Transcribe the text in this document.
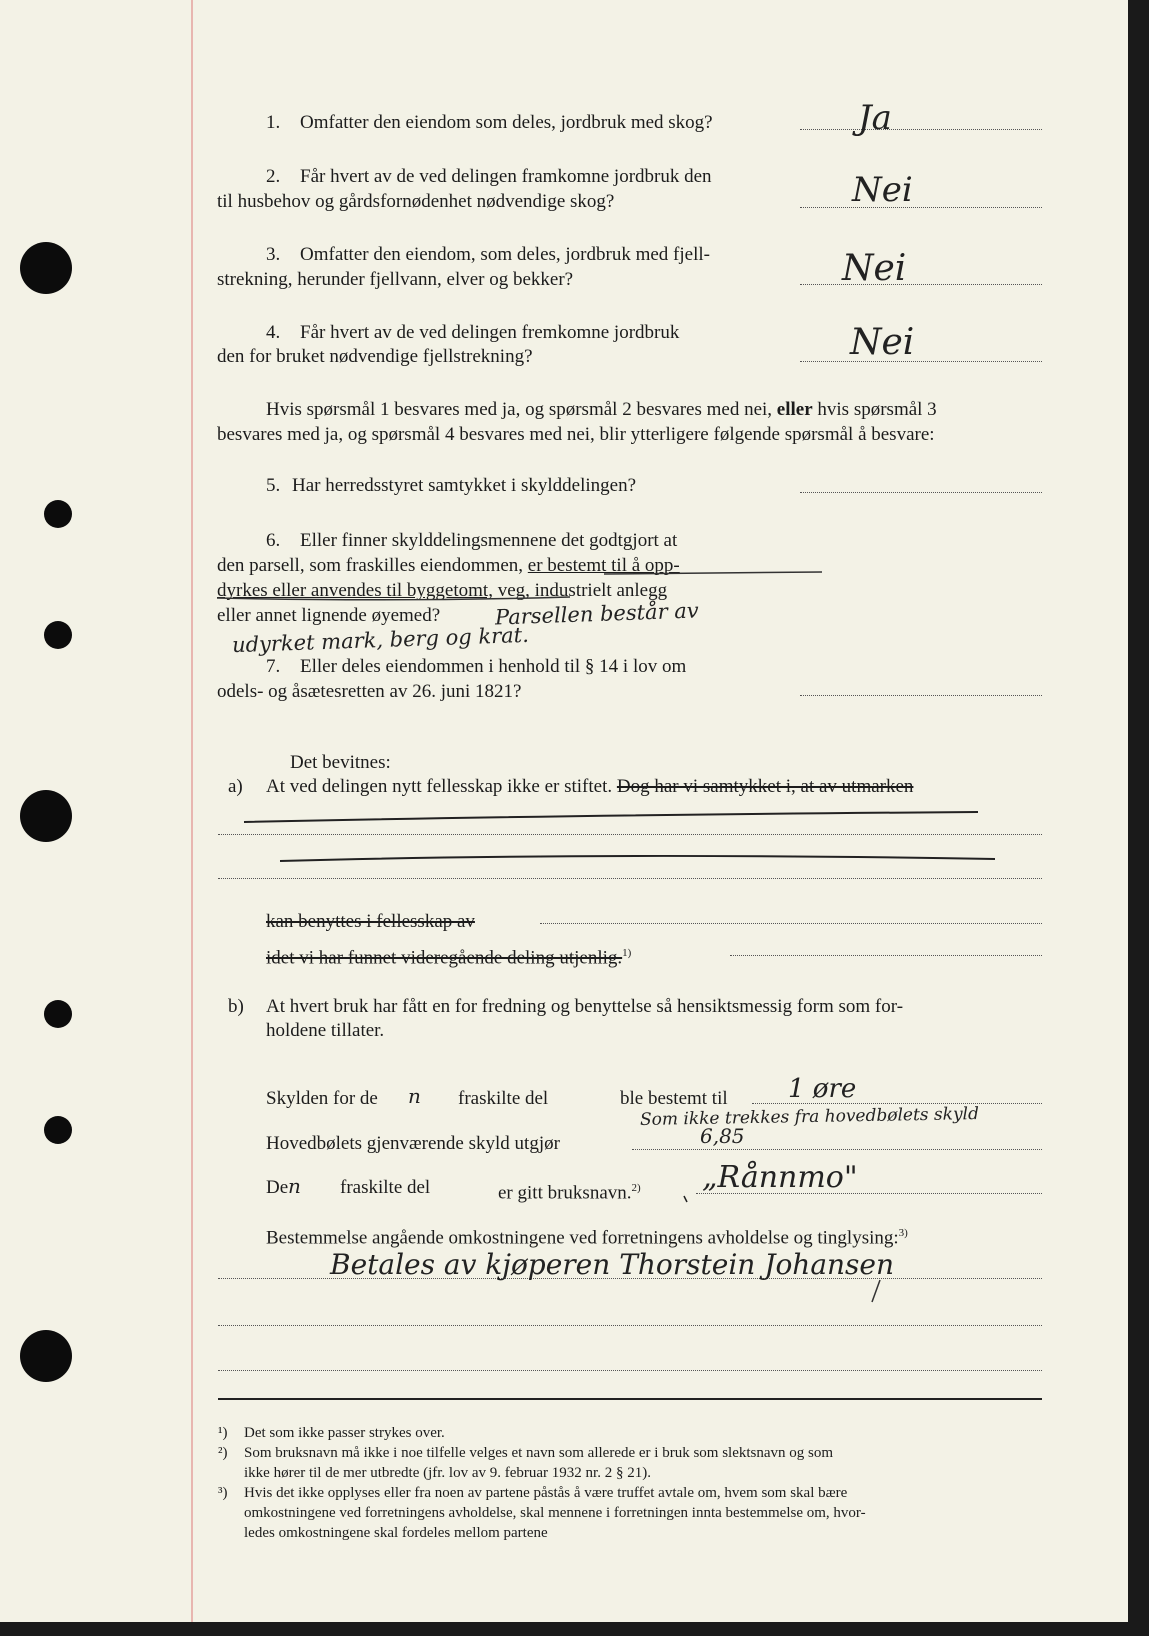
1. Omfatter den eiendom som deles, jordbruk med skog?	Ja
2. Får hvert av de ved delingen framkomne jordbruk den
til husbehov og gårdsfornødenhet nødvendige skog?	Nei
3. Omfatter den eiendom, som deles, jordbruk med fjell-
strekning, herunder fjellvann, elver og bekker?	Nei
4. Får hvert av de ved delingen fremkomne jordbruk
den for bruket nødvendige fjellstrekning?	Nei
Hvis spørsmål 1 besvares med ja, og spørsmål 2 besvares med nei, eller hvis spørsmål 3
besvares med ja, og spørsmål 4 besvares med nei, blir ytterligere følgende spørsmål å besvare:
5. Har herredsstyret samtykket i skylddelingen?
6. Eller finner skylddelingsmennene det godtgjort at
den parsell, som fraskilles eiendommen, er bestemt til å opp-
dyrkes eller anvendes til byggetomt, veg, industrielt anlegg
eller annet lignende øyemed?	Parsellen består av
udyrket mark, berg og krat.
7. Eller deles eiendommen i henhold til § 14 i lov om
odels- og åsætesretten av 26. juni 1821?
Det bevitnes:
a) At ved delingen nytt fellesskap ikke er stiftet. Dog har vi samtykket i, at av utmarken
kan benyttes i fellesskap av
idet vi har funnet videregående deling utjenlig.$^{1)}$
b) At hvert bruk har fått en for fredning og benyttelse så hensiktsmessig form som for-
holdene tillater.
Skylden for de n fraskilte del	ble bestemt til 1 øre
Som ikke trekkes fra hovedbølets skyld
Hovedbølets gjenværende skyld utgjør	6,85
De n fraskilte del	er gitt bruksnavn.$^{2)}$ „Rånnmo"
Bestemmelse angående omkostningene ved forretningens avholdelse og tinglysing:$^{3)}$
Betales av kjøperen Thorstein Johansen
¹) Det som ikke passer strykes over.
²) Som bruksnavn må ikke i noe tilfelle velges et navn som allerede er i bruk som slektsnavn og som
ikke hører til de mer utbredte (jfr. lov av 9. februar 1932 nr. 2 § 21).
³) Hvis det ikke opplyses eller fra noen av partene påstås å være truffet avtale om, hvem som skal bære
omkostningene ved forretningens avholdelse, skal mennene i forretningen innta bestemmelse om, hvor-
ledes omkostningene skal fordeles mellom partene
